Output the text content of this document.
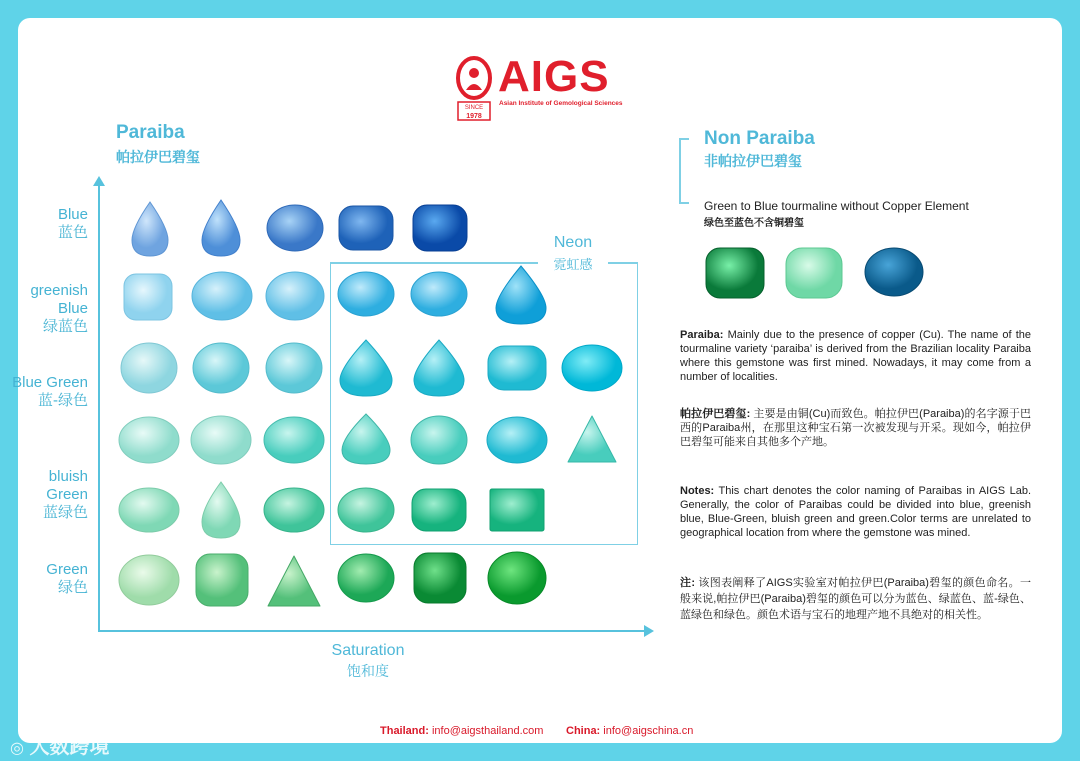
SINCE
1978
AIGS
Asian Institute of Gemological Sciences
Paraiba
帕拉伊巴碧玺
Saturation
饱和度
Blue
蓝色
greenish Blue
绿蓝色
Blue Green
蓝-绿色
bluish Green
蓝绿色
Green
绿色
Neon
霓虹感
Non Paraiba
非帕拉伊巴碧玺
Green to Blue tourmaline without Copper Element
绿色至蓝色不含铜碧玺
Paraiba: Mainly due to the presence of copper (Cu). The name of the tourmaline variety ‘paraiba’ is derived from the Brazilian locality Paraiba where this gemstone was first mined. Nowadays, it may come from a number of localities.
帕拉伊巴碧玺: 主要是由铜(Cu)而致色。帕拉伊巴(Paraiba)的名字源于巴西的Paraiba州，在那里这种宝石第一次被发现与开采。现如今，帕拉伊巴碧玺可能来自其他多个产地。
Notes: This chart denotes the color naming of Paraibas in AIGS Lab. Generally, the color of Paraibas could be divided into blue, greenish blue, Blue-Green, bluish green and green.Color terms are unrelated to geographical location from where the gemstone was mined.
注: 该图表阐释了AIGS实验室对帕拉伊巴(Paraiba)碧玺的颜色命名。一般来说,帕拉伊巴(Paraiba)碧玺的颜色可以分为蓝色、绿蓝色、蓝-绿色、蓝绿色和绿色。颜色术语与宝石的地理产地不具绝对的相关性。
Thailand: info@aigsthailand.com China: info@aigschina.cn
◎ 大数跨境
